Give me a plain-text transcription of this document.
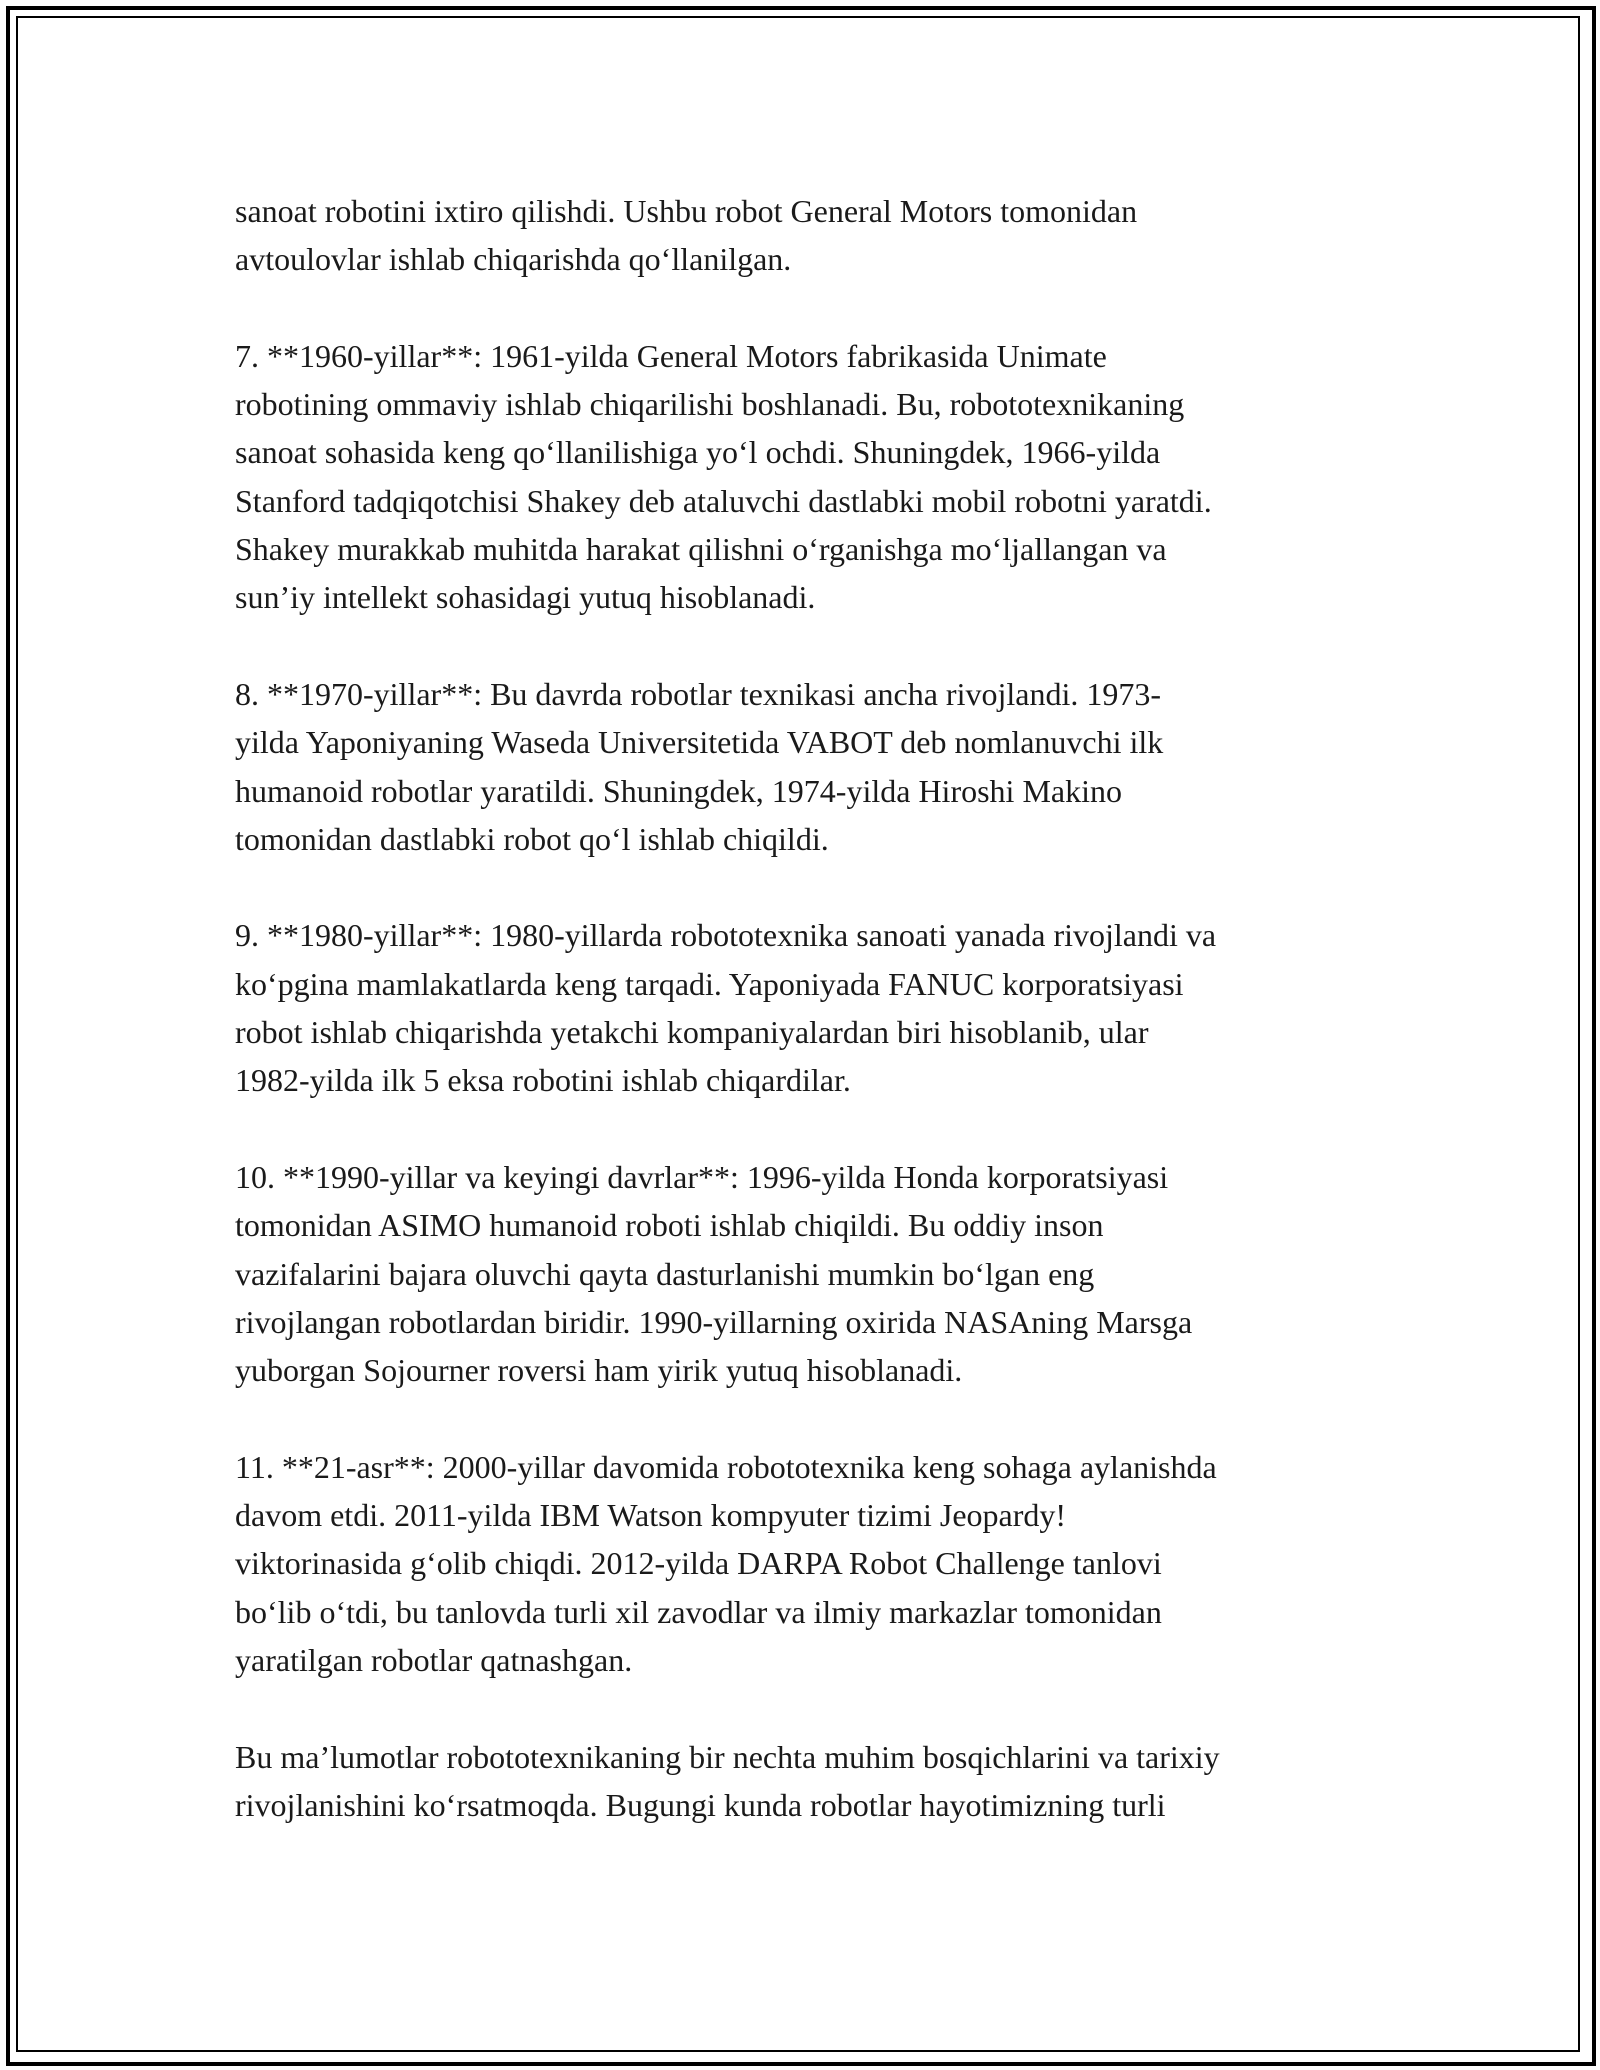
sanoat robotini ixtiro qilishdi. Ushbu robot General Motors tomonidan
avtoulovlar ishlab chiqarishda qo‘llanilgan.
7. **1960-yillar**: 1961-yilda General Motors fabrikasida Unimate
robotining ommaviy ishlab chiqarilishi boshlanadi. Bu, robototexnikaning
sanoat sohasida keng qo‘llanilishiga yo‘l ochdi. Shuningdek, 1966-yilda
Stanford tadqiqotchisi Shakey deb ataluvchi dastlabki mobil robotni yaratdi.
Shakey murakkab muhitda harakat qilishni o‘rganishga mo‘ljallangan va
sun’iy intellekt sohasidagi yutuq hisoblanadi.
8. **1970-yillar**: Bu davrda robotlar texnikasi ancha rivojlandi. 1973-
yilda Yaponiyaning Waseda Universitetida VABOT deb nomlanuvchi ilk
humanoid robotlar yaratildi. Shuningdek, 1974-yilda Hiroshi Makino
tomonidan dastlabki robot qo‘l ishlab chiqildi.
9. **1980-yillar**: 1980-yillarda robototexnika sanoati yanada rivojlandi va
ko‘pgina mamlakatlarda keng tarqadi. Yaponiyada FANUC korporatsiyasi
robot ishlab chiqarishda yetakchi kompaniyalardan biri hisoblanib, ular
1982-yilda ilk 5 eksa robotini ishlab chiqardilar.
10. **1990-yillar va keyingi davrlar**: 1996-yilda Honda korporatsiyasi
tomonidan ASIMO humanoid roboti ishlab chiqildi. Bu oddiy inson
vazifalarini bajara oluvchi qayta dasturlanishi mumkin bo‘lgan eng
rivojlangan robotlardan biridir. 1990-yillarning oxirida NASAning Marsga
yuborgan Sojourner roversi ham yirik yutuq hisoblanadi.
11. **21-asr**: 2000-yillar davomida robototexnika keng sohaga aylanishda
davom etdi. 2011-yilda IBM Watson kompyuter tizimi Jeopardy!
viktorinasida g‘olib chiqdi. 2012-yilda DARPA Robot Challenge tanlovi
bo‘lib o‘tdi, bu tanlovda turli xil zavodlar va ilmiy markazlar tomonidan
yaratilgan robotlar qatnashgan.
Bu ma’lumotlar robototexnikaning bir nechta muhim bosqichlarini va tarixiy
rivojlanishini ko‘rsatmoqda. Bugungi kunda robotlar hayotimizning turli
